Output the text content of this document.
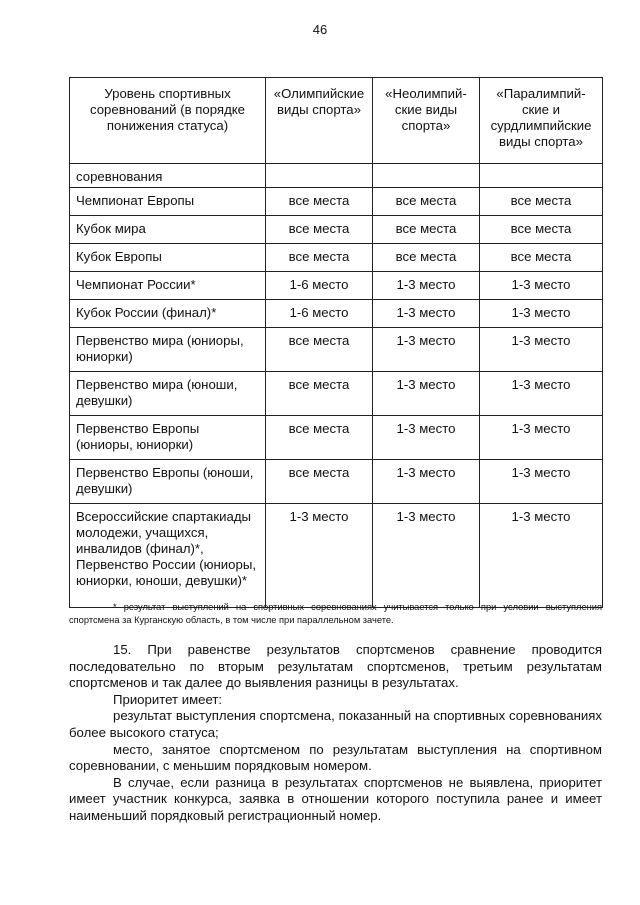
46
Уровень спортивных соревнований (в порядке понижения статуса)	«Олимпийские виды спорта»	«Неолимпий-ские виды спорта»	«Паралимпий-ские и сурдлимпийские виды спорта»
соревнования			
Чемпионат Европы	все места	все места	все места
Кубок мира	все места	все места	все места
Кубок Европы	все места	все места	все места
Чемпионат России*	1-6 место	1-3 место	1-3 место
Кубок России (финал)*	1-6 место	1-3 место	1-3 место
Первенство мира (юниоры, юниорки)	все места	1-3 место	1-3 место
Первенство мира (юноши, девушки)	все места	1-3 место	1-3 место
Первенство Европы (юниоры, юниорки)	все места	1-3 место	1-3 место
Первенство Европы (юноши, девушки)	все места	1-3 место	1-3 место
Всероссийские спартакиады молодежи, учащихся, инвалидов (финал)*, Первенство России (юниоры, юниорки, юноши, девушки)*	1-3 место	1-3 место	1-3 место
* результат выступлений на спортивных соревнованиях учитывается только при условии выступления спортсмена за Курганскую область, в том числе при параллельном зачете.

15. При равенстве результатов спортсменов сравнение проводится последовательно по вторым результатам спортсменов, третьим результатам спортсменов и так далее до выявления разницы в результатах.

Приоритет имеет:

результат выступления спортсмена, показанный на спортивных соревнованиях более высокого статуса;

место, занятое спортсменом по результатам выступления на спортивном соревновании, с меньшим порядковым номером.

В случае, если разница в результатах спортсменов не выявлена, приоритет имеет участник конкурса, заявка в отношении которого поступила ранее и имеет наименьший порядковый регистрационный номер.
